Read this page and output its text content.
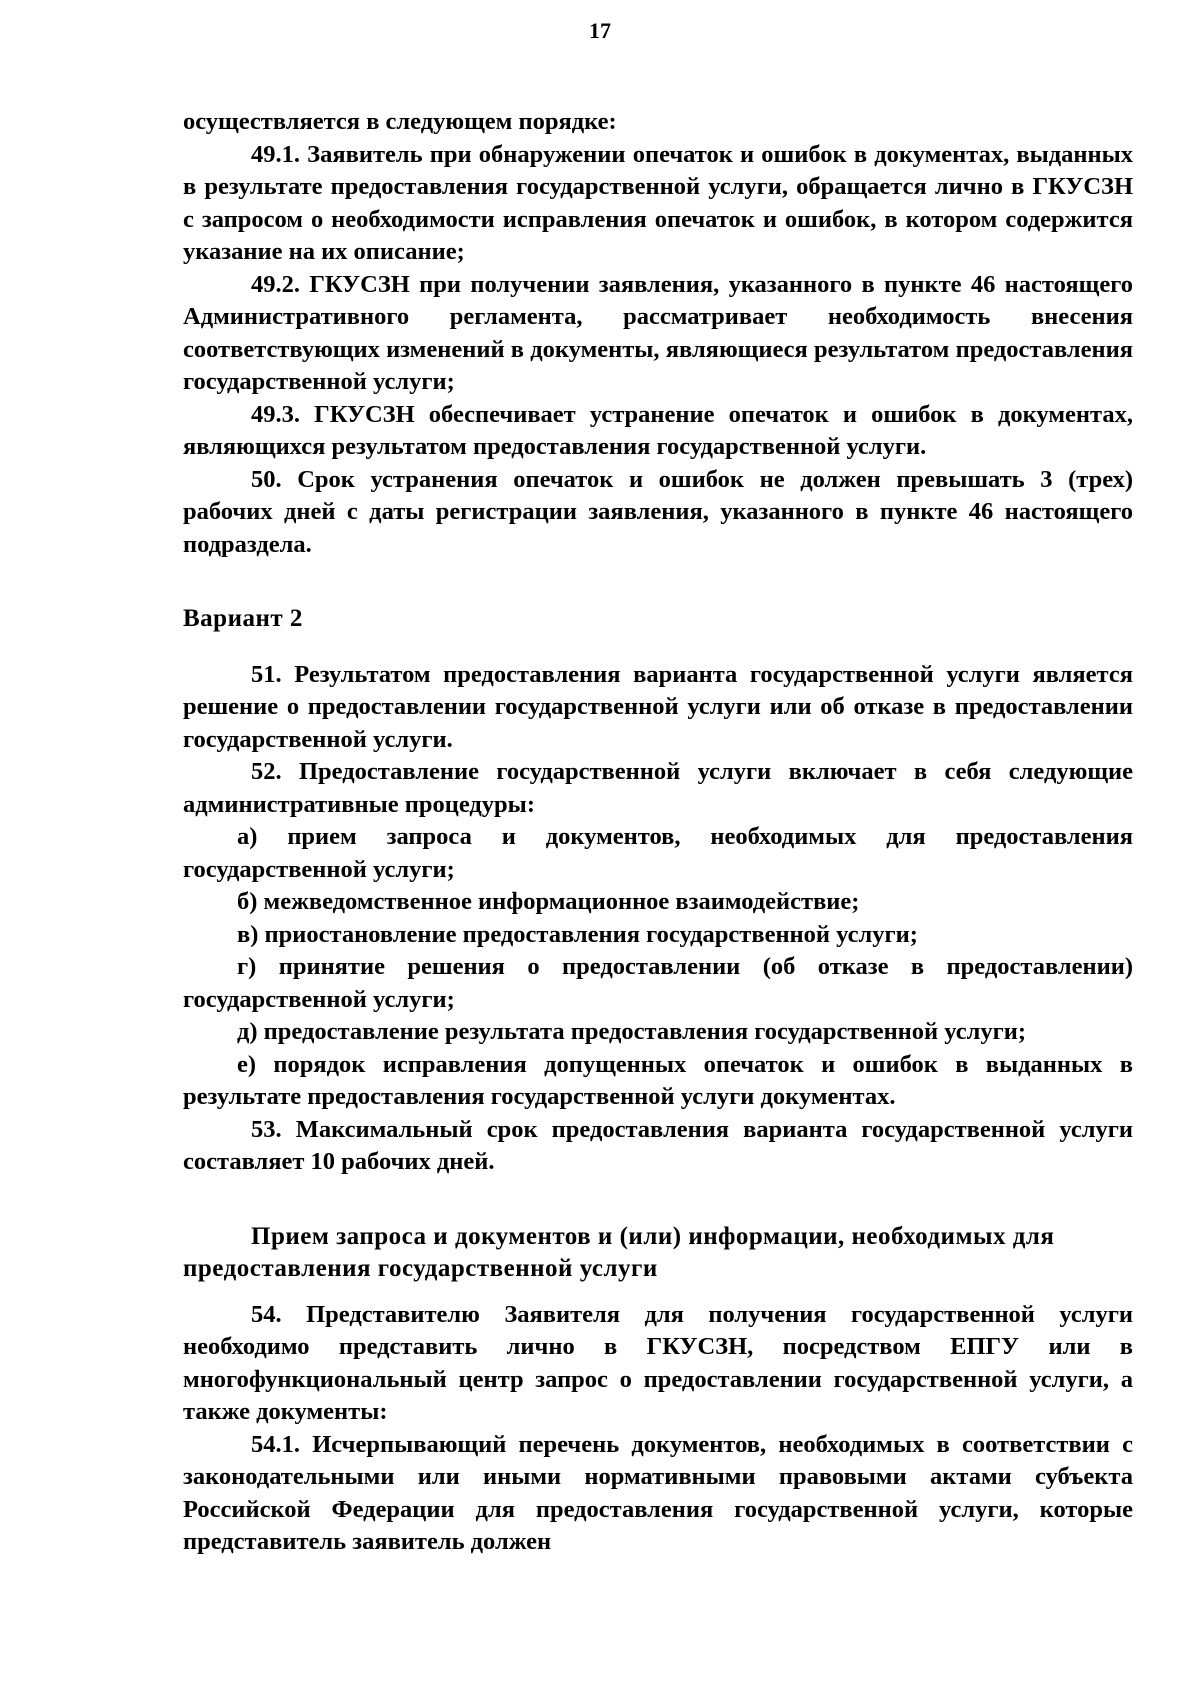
17

осуществляется в следующем порядке:

49.1. Заявитель при обнаружении опечаток и ошибок в документах, выданных в результате предоставления государственной услуги, обращается лично в ГКУСЗН с запросом о необходимости исправления опечаток и ошибок, в котором содержится указание на их описание;

49.2. ГКУСЗН при получении заявления, указанного в пункте 46 настоящего Административного регламента, рассматривает необходимость внесения соответствующих изменений в документы, являющиеся результатом предоставления государственной услуги;

49.3. ГКУСЗН обеспечивает устранение опечаток и ошибок в документах, являющихся результатом предоставления государственной услуги.

50. Срок устранения опечаток и ошибок не должен превышать 3 (трех) рабочих дней с даты регистрации заявления, указанного в пункте 46 настоящего подраздела.

Вариант 2

51. Результатом предоставления варианта государственной услуги является решение о предоставлении государственной услуги или об отказе в предоставлении государственной услуги.

52. Предоставление государственной услуги включает в себя следующие административные процедуры:

а) прием запроса и документов, необходимых для предоставления государственной услуги;

б) межведомственное информационное взаимодействие;

в) приостановление предоставления государственной услуги;

г) принятие решения о предоставлении (об отказе в предоставлении) государственной услуги;

д) предоставление результата предоставления государственной услуги;

е) порядок исправления допущенных опечаток и ошибок в выданных в результате предоставления государственной услуги документах.

53. Максимальный срок предоставления варианта государственной услуги составляет 10 рабочих дней.

Прием запроса и документов и (или) информации, необходимых для предоставления государственной услуги

54. Представителю Заявителя для получения государственной услуги необходимо представить лично в ГКУСЗН, посредством ЕПГУ или в многофункциональный центр запрос о предоставлении государственной услуги, а также документы:

54.1. Исчерпывающий перечень документов, необходимых в соответствии с законодательными или иными нормативными правовыми актами субъекта Российской Федерации для предоставления государственной услуги, которые представитель заявитель должен
